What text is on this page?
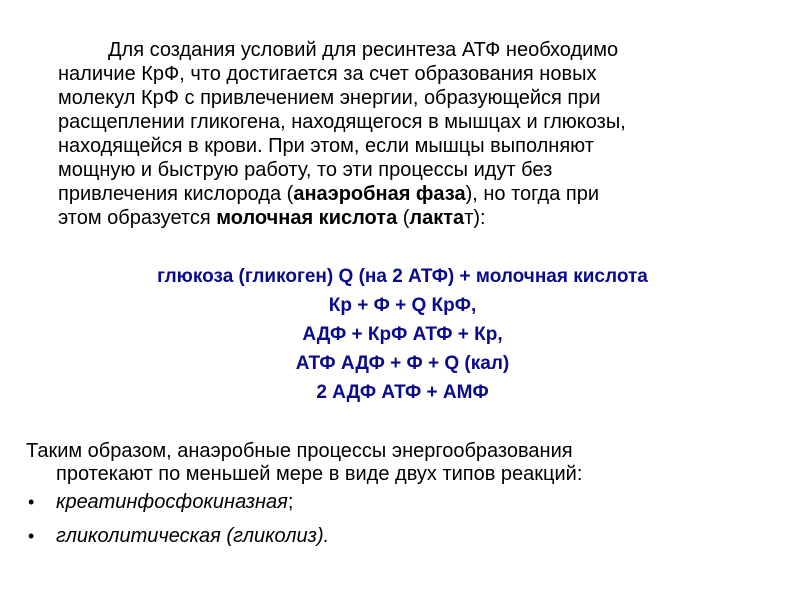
Для создания условий для ресинтеза АТФ необходимо
наличие КрФ, что достигается за счет образования новых
молекул КрФ с привлечением энергии, образующейся при
расщеплении гликогена, находящегося в мышцах и глюкозы,
находящейся в крови. При этом, если мышцы выполняют
мощную и быструю работу, то эти процессы идут без
привлечения кислорода (анаэробная фаза), но тогда при
этом образуется молочная кислота (лактат):

глюкоза (гликоген) Q (на 2 АТФ) + молочная кислота
Кр + Ф + Q КрФ,
АДФ + КрФ АТФ + Кр,
АТФ АДФ + Ф + Q (кал)
2 АДФ АТФ + АМФ

Таким образом, анаэробные процессы энергообразования
протекают по меньшей мере в виде двух типов реакций:

• креатинфосфокиназная;
• гликолитическая (гликолиз).
